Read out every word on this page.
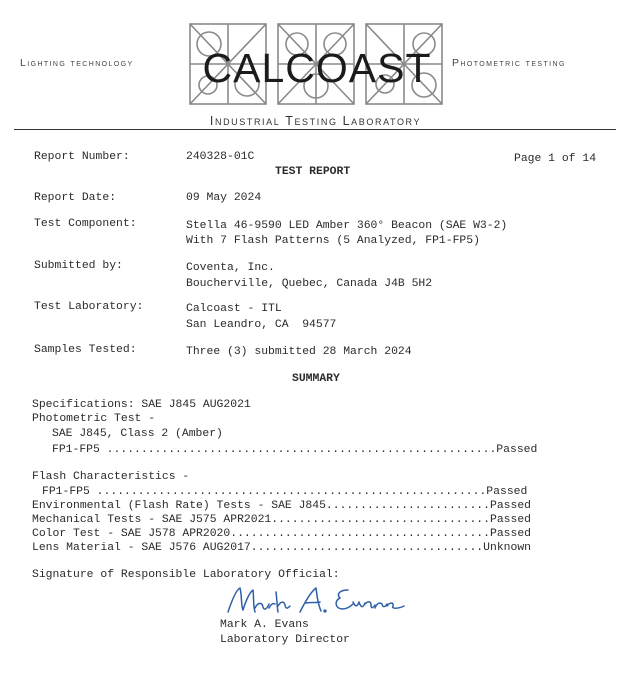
Lighting technology	photometric testing
CALCOAST
Industrial Testing Laboratory
Report Number:	240328-01C	Page 1 of 14
TEST REPORT
Report Date:	09 May 2024
Test Component:	Stella 46-9590 LED Amber 360° Beacon (SAE W3-2)
With 7 Flash Patterns (5 Analyzed, FP1-FP5)
Submitted by:	Coventa, Inc.
Boucherville, Quebec, Canada J4B 5H2
Test Laboratory:	Calcoast - ITL
San Leandro, CA  94577
Samples Tested:	Three (3) submitted 28 March 2024
SUMMARY
Specifications: SAE J845 AUG2021
Photometric Test -
SAE J845, Class 2 (Amber)
FP1-FP5 .........................................................Passed
Flash Characteristics -
FP1-FP5 .........................................................Passed
Environmental (Flash Rate) Tests - SAE J845........................Passed
Mechanical Tests - SAE J575 APR2021................................Passed
Color Test - SAE J578 APR2020......................................Passed
Lens Material - SAE J576 AUG2017..................................Unknown
Signature of Responsible Laboratory Official:
Mark A. Evans
Laboratory Director
